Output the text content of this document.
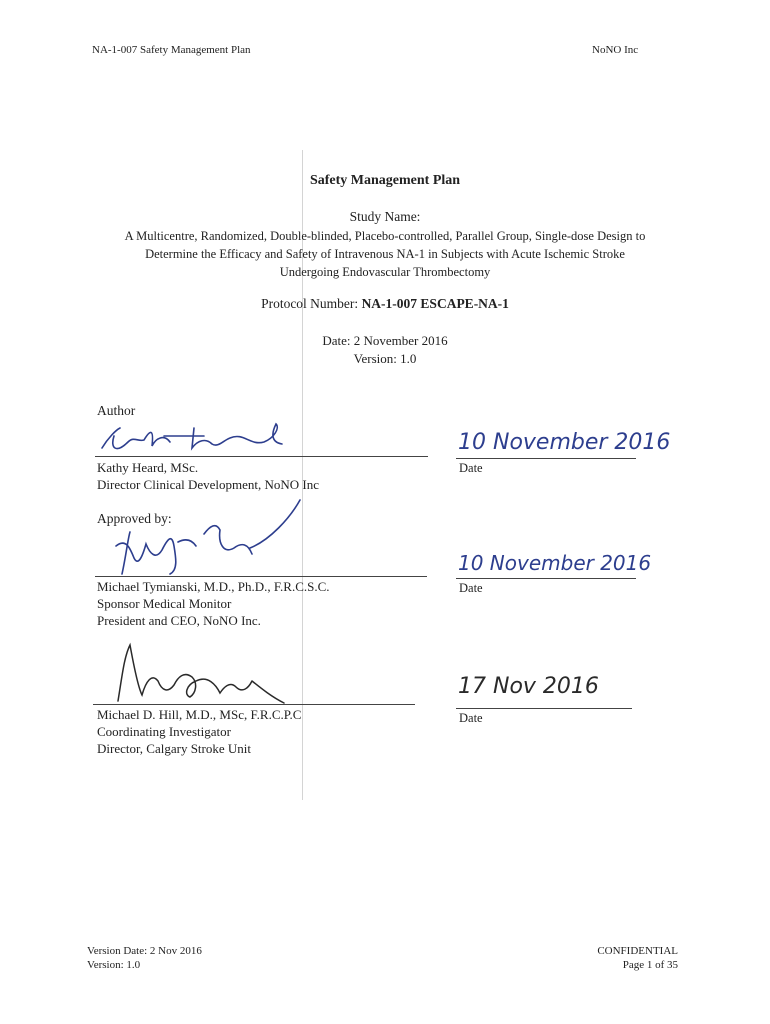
NA-1-007 Safety Management Plan	NoNO Inc
Safety Management Plan
Study Name:
A Multicentre, Randomized, Double-blinded, Placebo-controlled, Parallel Group, Single-dose Design to
Determine the Efficacy and Safety of Intravenous NA-1 in Subjects with Acute Ischemic Stroke
Undergoing Endovascular Thrombectomy
Protocol Number: NA-1-007 ESCAPE-NA-1
Date: 2 November 2016
Version: 1.0
Author
Kathy Heard, MSc.
Director Clinical Development, NoNO Inc
10 November 2016
Date
Approved by:
Michael Tymianski, M.D., Ph.D., F.R.C.S.C.
Sponsor Medical Monitor
President and CEO, NoNO Inc.
10 November 2016
Date
Michael D. Hill, M.D., MSc, F.R.C.P.C
Coordinating Investigator
Director, Calgary Stroke Unit
17 Nov 2016
Date
Version Date: 2 Nov 2016
Version: 1.0
CONFIDENTIAL
Page 1 of 35
